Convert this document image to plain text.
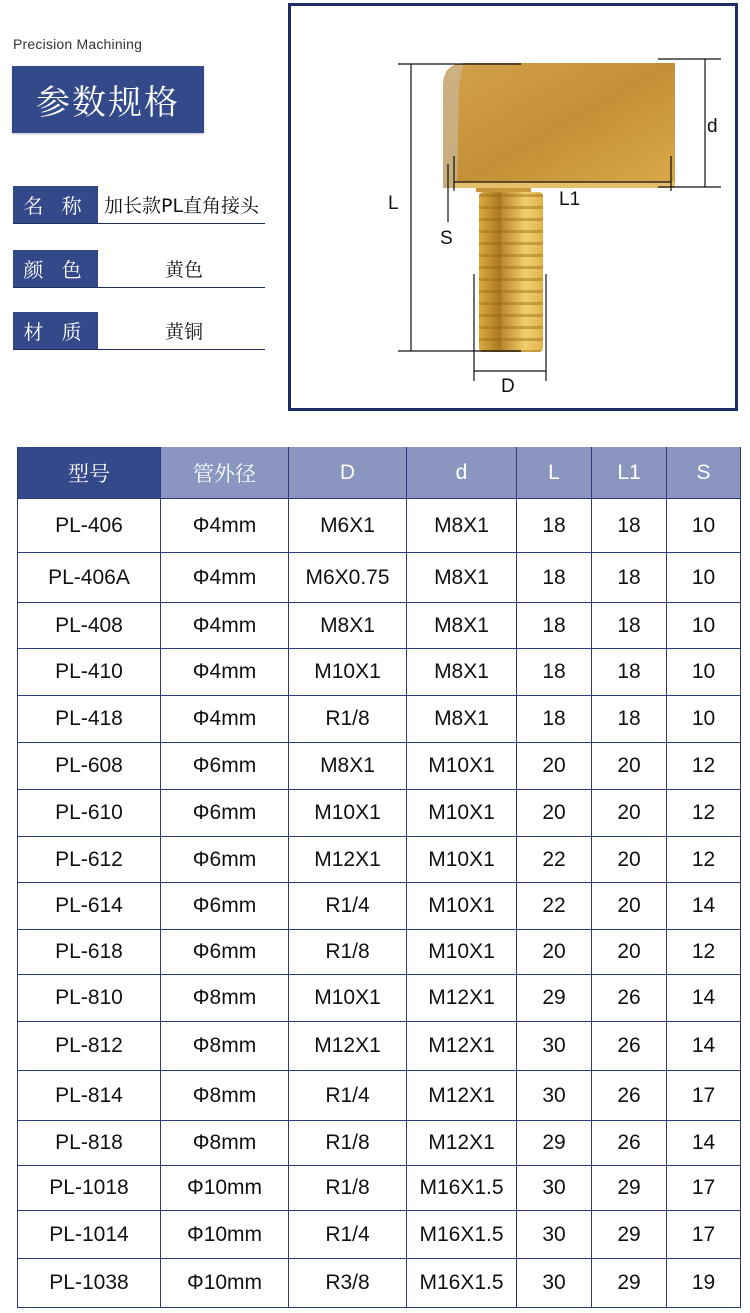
Precision Machining
参数规格
名 称 加长款PL直角接头
颜 色	黄色
材 质	黄铜
L	L1
d
S
D
型号	管外径	D	d	L	L1	S
PL-406	Φ4mm	M6X1	M8X1	18	18	10
PL-406A	Φ4mm	M6X0.75	M8X1	18	18	10
PL-408	Φ4mm	M8X1	M8X1	18	18	10
PL-410	Φ4mm	M10X1	M8X1	18	18	10
PL-418	Φ4mm	R1/8	M8X1	18	18	10
PL-608	Φ6mm	M8X1	M10X1	20	20	12
PL-610	Φ6mm	M10X1	M10X1	20	20	12
PL-612	Φ6mm	M12X1	M10X1	22	20	12
PL-614	Φ6mm	R1/4	M10X1	22	20	14
PL-618	Φ6mm	R1/8	M10X1	20	20	12
PL-810	Φ8mm	M10X1	M12X1	29	26	14
PL-812	Φ8mm	M12X1	M12X1	30	26	14
PL-814	Φ8mm	R1/4	M12X1	30	26	17
PL-818	Φ8mm	R1/8	M12X1	29	26	14
PL-1018	Φ10mm	R1/8	M16X1.5	30	29	17
PL-1014	Φ10mm	R1/4	M16X1.5	30	29	17
PL-1038	Φ10mm	R3/8	M16X1.5	30	29	19
